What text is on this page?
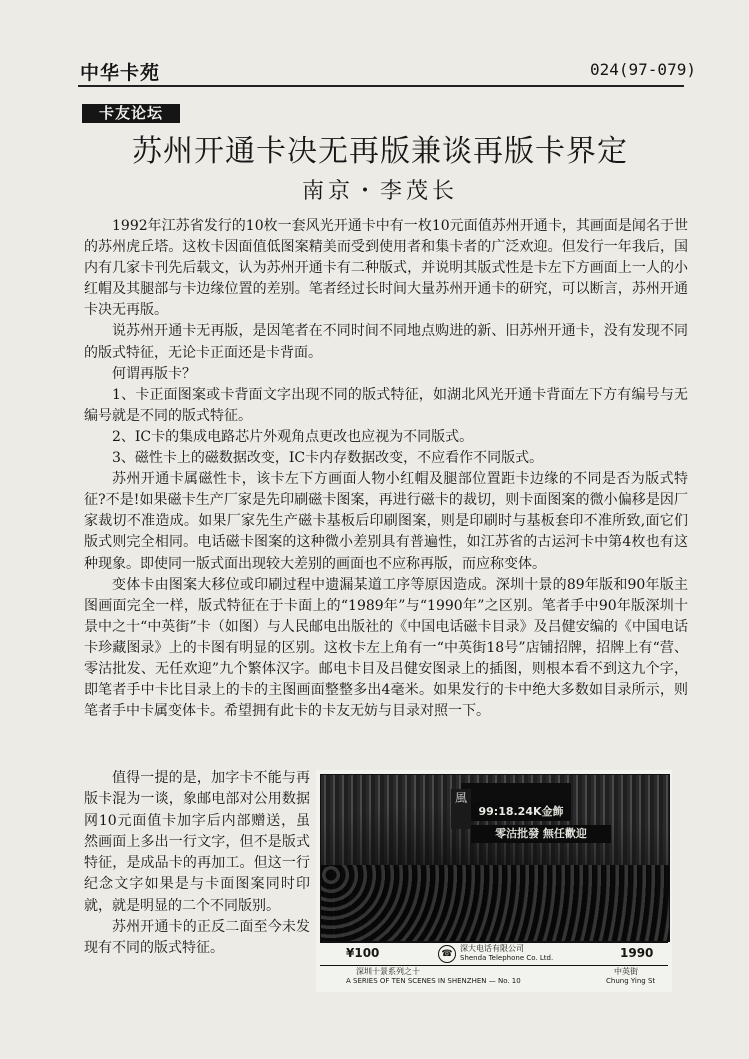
中华卡苑	024(97-079)
卡友论坛
苏州开通卡决无再版兼谈再版卡界定
南京・李茂长

1992年江苏省发行的10枚一套风光开通卡中有一枚10元面值苏州开通卡，其画面是闻名于世的苏州虎丘塔。这枚卡因面值低图案精美而受到使用者和集卡者的广泛欢迎。但发行一年我后，国内有几家卡刊先后载文，认为苏州开通卡有二种版式，并说明其版式性是卡左下方画面上一人的小红帽及其腿部与卡边缘位置的差别。笔者经过长时间大量苏州开通卡的研究，可以断言，苏州开通卡决无再版。

说苏州开通卡无再版，是因笔者在不同时间不同地点购进的新、旧苏州开通卡，没有发现不同的版式特征，无论卡正面还是卡背面。

何谓再版卡？

1、卡正面图案或卡背面文字出现不同的版式特征，如湖北风光开通卡背面左下方有编号与无编号就是不同的版式特征。

2、IC卡的集成电路芯片外观角点更改也应视为不同版式。

3、磁性卡上的磁数据改变，IC卡内存数据改变，不应看作不同版式。

苏州开通卡属磁性卡，该卡左下方画面人物小红帽及腿部位置距卡边缘的不同是否为版式特征?不是!如果磁卡生产厂家是先印刷磁卡图案，再进行磁卡的裁切，则卡面图案的微小偏移是因厂家裁切不准造成。如果厂家先生产磁卡基板后印刷图案，则是印刷时与基板套印不准所致,面它们版式则完全相同。电话磁卡图案的这种微小差别具有普遍性，如江苏省的古运河卡中第4枚也有这种现象。即使同一版式面出现较大差别的画面也不应称再版，而应称变体。

变体卡由图案大移位或印刷过程中遗漏某道工序等原因造成。深圳十景的89年版和90年版主图画面完全一样，版式特征在于卡面上的“1989年”与“1990年”之区别。笔者手中90年版深圳十景中之十“中英街”卡（如图）与人民邮电出版社的《中国电话磁卡目录》及吕健安编的《中国电话卡珍藏图录》上的卡图有明显的区别。这枚卡左上角有一“中英街18号”店铺招牌，招牌上有“营、零沽批发、无任欢迎”九个繁体汉字。邮电卡目及吕健安图录上的插图，则根本看不到这九个字，即笔者手中卡比目录上的卡的主图画面整整多出4毫米。如果发行的卡中绝大多数如目录所示，则笔者手中卡属变体卡。希望拥有此卡的卡友无妨与目录对照一下。

值得一提的是，加字卡不能与再版卡混为一谈，象邮电部对公用数据网10元面值卡加字后内部赠送，虽然画面上多出一行文字，但不是版式特征，是成品卡的再加工。但这一行纪念文字如果是与卡面图案同时印就，就是明显的二个不同版别。

苏州开通卡的正反二面至今未发现有不同的版式特征。

風
99:18.24K金飾
零沽批發 無任歡迎
¥100	☎
深大电话有限公司
Shenda Telephone Co. Ltd.	1990
深圳十景系列之十
A SERIES OF TEN SCENES IN SHENZHEN — No. 10
中英街
Chung Ying St
